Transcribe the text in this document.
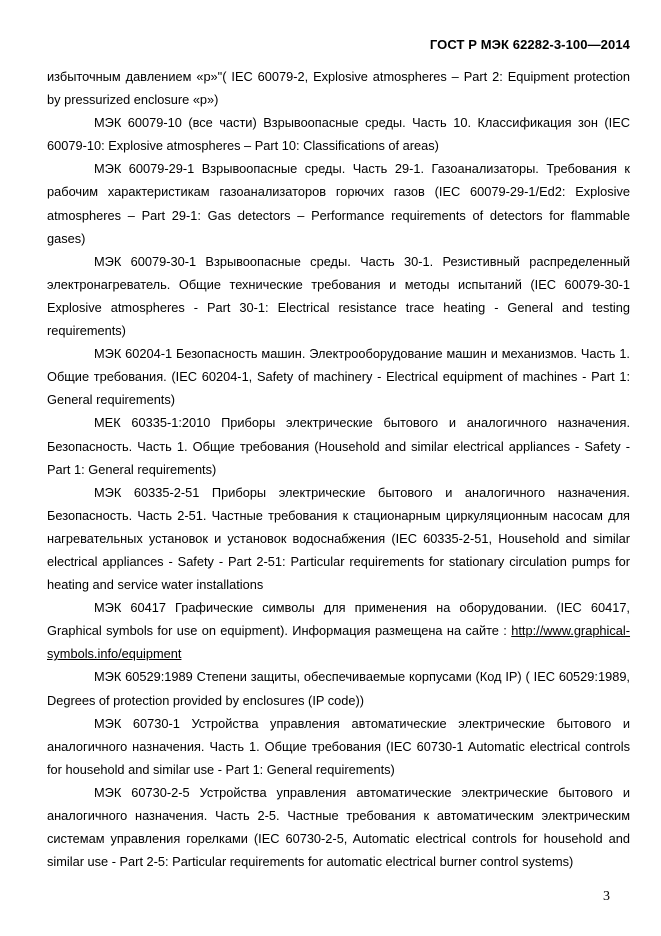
ГОСТ Р МЭК 62282-3-100—2014

избыточным давлением «р»"( IEC 60079-2, Explosive atmospheres – Part 2: Equipment protection by pressurized enclosure «р»)

МЭК 60079-10 (все части) Взрывоопасные среды. Часть 10. Классификация зон (IEC 60079-10: Explosive atmospheres – Part 10: Classifications of areas)

МЭК 60079-29-1 Взрывоопасные среды. Часть 29-1. Газоанализаторы. Требования к рабочим характеристикам газоанализаторов горючих газов (IEC 60079-29-1/Ed2: Explosive atmospheres – Part 29-1: Gas detectors – Performance requirements of detectors for flammable gases)

МЭК 60079-30-1 Взрывоопасные среды. Часть 30-1. Резистивный распределенный электронагреватель. Общие технические требования и методы испытаний (IEC 60079-30-1 Explosive atmospheres - Part 30-1: Electrical resistance trace heating - General and testing requirements)

МЭК 60204-1 Безопасность машин. Электрооборудование машин и механизмов. Часть 1. Общие требования. (IEC 60204-1, Safety of machinery - Electrical equipment of machines - Part 1: General requirements)

МЕК 60335-1:2010 Приборы электрические бытового и аналогичного назначения. Безопасность. Часть 1. Общие требования (Household and similar electrical appliances - Safety - Part 1: General requirements)

МЭК 60335-2-51 Приборы электрические бытового и аналогичного назначения. Безопасность. Часть 2-51. Частные требования к стационарным циркуляционным насосам для нагревательных установок и установок водоснабжения (IEC 60335-2-51, Household and similar electrical appliances - Safety - Part 2-51: Particular requirements for stationary circulation pumps for heating and service water installations

МЭК 60417 Графические символы для применения на оборудовании. (IEC 60417, Graphical symbols for use on equipment). Информация размещена на сайте : http://www.graphical-symbols.info/equipment

МЭК 60529:1989 Степени защиты, обеспечиваемые корпусами (Код IP) ( IEC 60529:1989, Degrees of protection provided by enclosures (IP code))

МЭК 60730-1 Устройства управления автоматические электрические бытового и аналогичного назначения. Часть 1. Общие требования (IEC 60730-1 Automatic electrical controls for household and similar use - Part 1: General requirements)

МЭК 60730-2-5 Устройства управления автоматические электрические бытового и аналогичного назначения. Часть 2-5. Частные требования к автоматическим электрическим системам управления горелками (IEC 60730-2-5, Automatic electrical controls for household and similar use - Part 2-5: Particular requirements for automatic electrical burner control systems)

3
